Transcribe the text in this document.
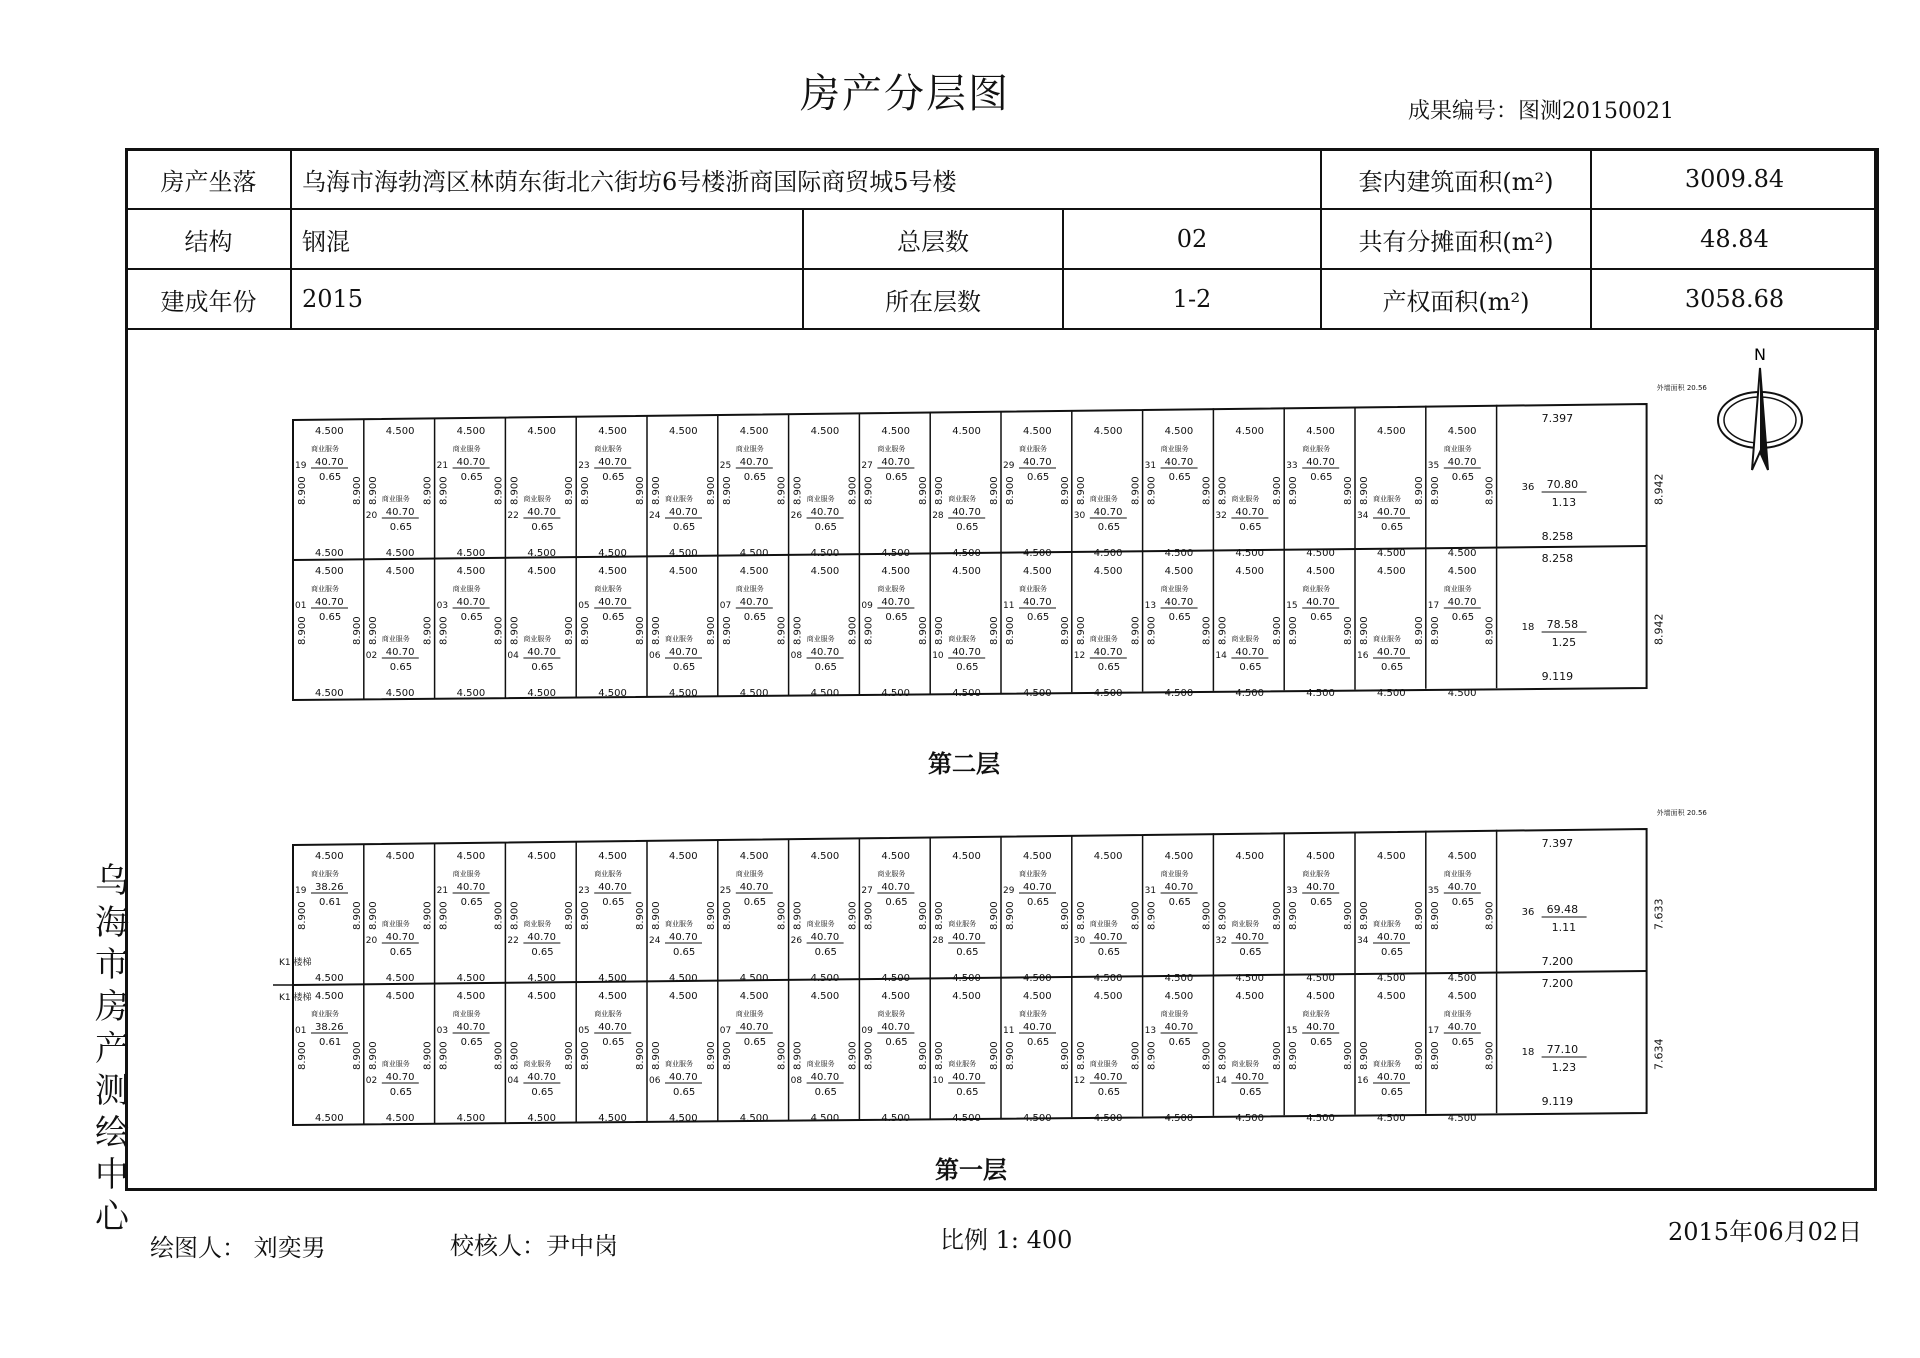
房产分层图	成果编号：图测20150021
房产坐落	乌海市海勃湾区林荫东街北六街坊6号楼浙商国际商贸城5号楼			套内建筑面积(m²)	3009.84
结构	钢混	总层数	02	共有分摊面积(m²)	48.84
建成年份	2015	所在层数	1-2	产权面积(m²)	3058.68
乌海市房产测绘中心
N
4.500
4.500
8.900	8.900
商业服务
19 40.70
0.65
4.500
4.500
8.900	8.900
商业服务
20 40.70
0.65
4.500
4.500
8.900	8.900
商业服务
21 40.70
0.65
4.500
4.500
8.900	8.900
商业服务
22 40.70
0.65
4.500
4.500
8.900	8.900
商业服务
23 40.70
0.65
4.500
4.500
8.900	8.900
商业服务
24 40.70
0.65
4.500
4.500
8.900	8.900
商业服务
25 40.70
0.65
4.500
4.500
8.900	8.900
商业服务
26 40.70
0.65
4.500
4.500
8.900	8.900
商业服务
27 40.70
0.65
4.500
4.500
8.900	8.900
商业服务
28 40.70
0.65
4.500
4.500
8.900	8.900
商业服务
29 40.70
0.65
4.500
4.500
8.900	8.900
商业服务
30 40.70
0.65
4.500
4.500
8.900	8.900
商业服务
31 40.70
0.65
4.500
4.500
8.900	8.900
商业服务
32 40.70
0.65
4.500
4.500
8.900	8.900
商业服务
33 40.70
0.65
4.500
4.500
8.900	8.900
商业服务
34 40.70
0.65
4.500
4.500
8.900	8.900
商业服务
35 40.70
0.65
4.500
4.500
8.900	8.900
商业服务
01 40.70
0.65
4.500
4.500
8.900	8.900
商业服务
02 40.70
0.65
4.500
4.500
8.900	8.900
商业服务
03 40.70
0.65
4.500
4.500
8.900	8.900
商业服务
04 40.70
0.65
4.500
4.500
8.900	8.900
商业服务
05 40.70
0.65
4.500
4.500
8.900	8.900
商业服务
06 40.70
0.65
4.500
4.500
8.900	8.900
商业服务
07 40.70
0.65
4.500
4.500
8.900	8.900
商业服务
08 40.70
0.65
4.500
4.500
8.900	8.900
商业服务
09 40.70
0.65
4.500
4.500
8.900	8.900
商业服务
10 40.70
0.65
4.500
4.500
8.900	8.900
商业服务
11 40.70
0.65
4.500
4.500
8.900	8.900
商业服务
12 40.70
0.65
4.500
4.500
8.900	8.900
商业服务
13 40.70
0.65
4.500
4.500
8.900	8.900
商业服务
14 40.70
0.65
4.500
4.500
8.900	8.900
商业服务
15 40.70
0.65
4.500
4.500
8.900	8.900
商业服务
16 40.70
0.65
4.500
4.500
8.900	8.900
商业服务
17 40.70
0.65
7.397
8.258
36 70.80
1.13	8.942
8.258
9.119
18 78.58
1.25	8.942
外墙面积 20.56
4.500
4.500
8.900	8.900
商业服务
19 38.26
0.61
4.500
4.500
8.900	8.900
商业服务
20 40.70
0.65
4.500
4.500
8.900	8.900
商业服务
21 40.70
0.65
4.500
4.500
8.900	8.900
商业服务
22 40.70
0.65
4.500
4.500
8.900	8.900
商业服务
23 40.70
0.65
4.500
4.500
8.900	8.900
商业服务
24 40.70
0.65
4.500
4.500
8.900	8.900
商业服务
25 40.70
0.65
4.500
4.500
8.900	8.900
商业服务
26 40.70
0.65
4.500
4.500
8.900	8.900
商业服务
27 40.70
0.65
4.500
4.500
8.900	8.900
商业服务
28 40.70
0.65
4.500
4.500
8.900	8.900
商业服务
29 40.70
0.65
4.500
4.500
8.900	8.900
商业服务
30 40.70
0.65
4.500
4.500
8.900	8.900
商业服务
31 40.70
0.65
4.500
4.500
8.900	8.900
商业服务
32 40.70
0.65
4.500
4.500
8.900	8.900
商业服务
33 40.70
0.65
4.500
4.500
8.900	8.900
商业服务
34 40.70
0.65
4.500
4.500
8.900	8.900
商业服务
35 40.70
0.65
4.500
4.500
8.900	8.900
商业服务
01 38.26
0.61
4.500
4.500
8.900	8.900
商业服务
02 40.70
0.65
4.500
4.500
8.900	8.900
商业服务
03 40.70
0.65
4.500
4.500
8.900	8.900
商业服务
04 40.70
0.65
4.500
4.500
8.900	8.900
商业服务
05 40.70
0.65
4.500
4.500
8.900	8.900
商业服务
06 40.70
0.65
4.500
4.500
8.900	8.900
商业服务
07 40.70
0.65
4.500
4.500
8.900	8.900
商业服务
08 40.70
0.65
4.500
4.500
8.900	8.900
商业服务
09 40.70
0.65
4.500
4.500
8.900	8.900
商业服务
10 40.70
0.65
4.500
4.500
8.900	8.900
商业服务
11 40.70
0.65
4.500
4.500
8.900	8.900
商业服务
12 40.70
0.65
4.500
4.500
8.900	8.900
商业服务
13 40.70
0.65
4.500
4.500
8.900	8.900
商业服务
14 40.70
0.65
4.500
4.500
8.900	8.900
商业服务
15 40.70
0.65
4.500
4.500
8.900	8.900
商业服务
16 40.70
0.65
4.500
4.500
8.900	8.900
商业服务
17 40.70
0.65
7.397
7.200
36 69.48
1.11	7.633
7.200
9.119
18 77.10
1.23	7.634
外墙面积 20.56
K1 楼梯
K1 楼梯
第二层
第一层
绘图人： 刘奕男	校核人：尹中岗	比例 1: 400	2015年06月02日
